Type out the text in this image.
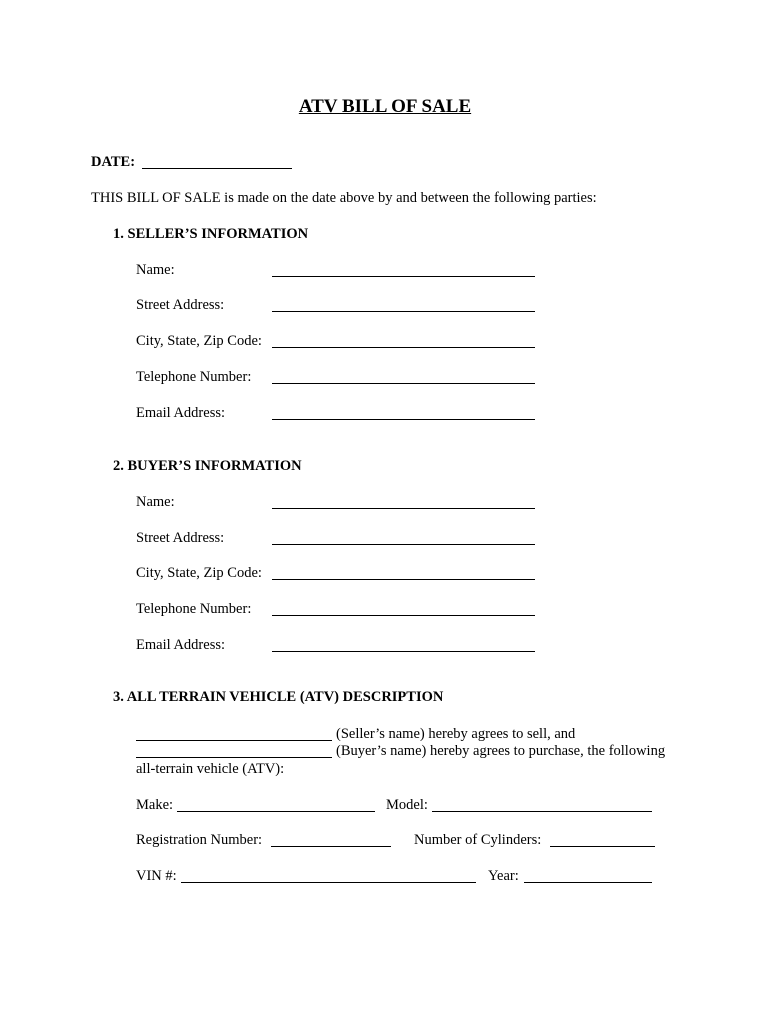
ATV BILL OF SALE
DATE:
THIS BILL OF SALE is made on the date above by and between the following parties:
1. SELLER’S INFORMATION
Name:
Street Address:
City, State, Zip Code:
Telephone Number:
Email Address:
2. BUYER’S INFORMATION
Name:
Street Address:
City, State, Zip Code:
Telephone Number:
Email Address:
3. ALL TERRAIN VEHICLE (ATV) DESCRIPTION
(Seller’s name) hereby agrees to sell, and
(Buyer’s name) hereby agrees to purchase, the following
all-terrain vehicle (ATV):
Make:	Model:
Registration Number:	Number of Cylinders:
VIN #:	Year:
